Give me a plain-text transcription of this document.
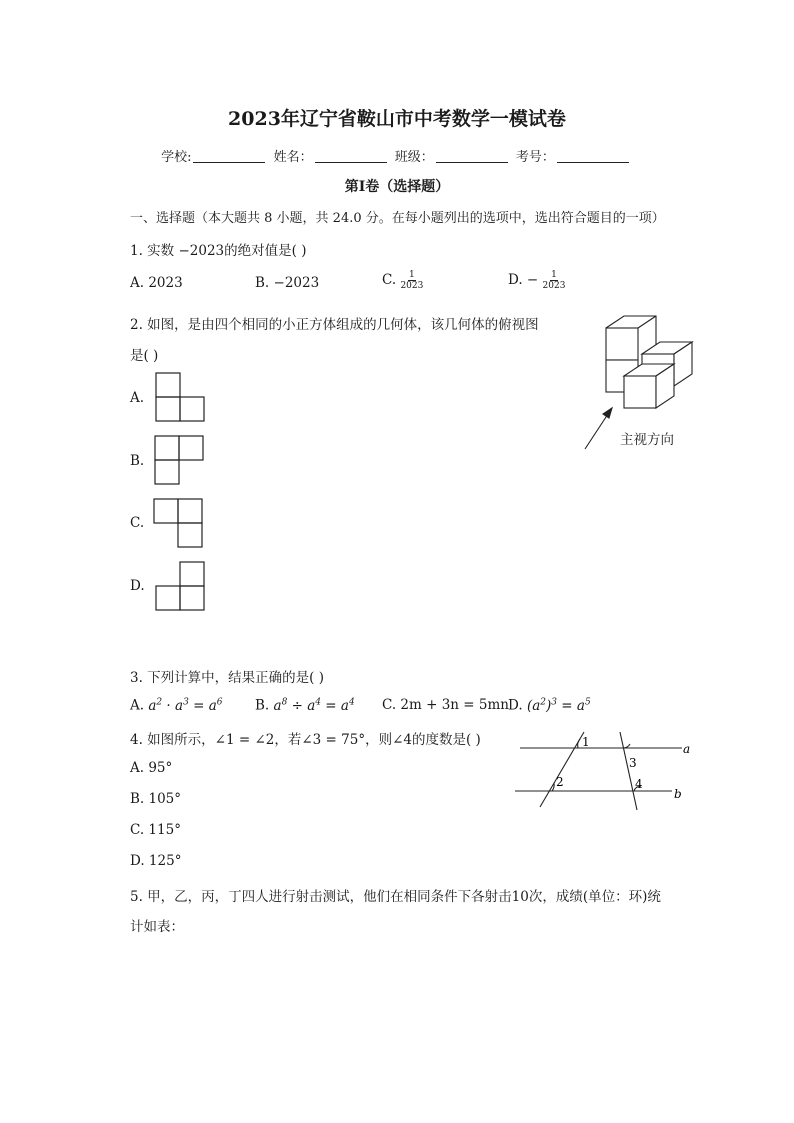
2023年辽宁省鞍山市中考数学一模试卷
学校:	姓名：	班级：	考号：
第I卷（选择题）
一、选择题（本大题共 8 小题，共 24.0 分。在每小题列出的选项中，选出符合题目的一项）
1. 实数 −2023的绝对值是( )
A. 2023	B. −2023	C. $\frac{1}{2023}$	D. − $\frac{1}{2023}$
2. 如图，是由四个相同的小正方体组成的几何体，该几何体的俯视图
是( )
A.
B.
C.
D.
主视方向
3. 下列计算中，结果正确的是( )
A. $a^2 \cdot a^3 = a^6$ B. $a^8 \div a^4 = a^4$ C. 2m + 3n = 5mn D. $(a^2)^3 = a^5$
4. 如图所示，∠1 = ∠2，若∠3 = 75°，则∠4的度数是( )
A. 95°
B. 105°
C. 115°
D. 125°
1
2
3
4
a
b
5. 甲，乙，丙，丁四人进行射击测试，他们在相同条件下各射击10次，成绩(单位：环)统
计如表：
